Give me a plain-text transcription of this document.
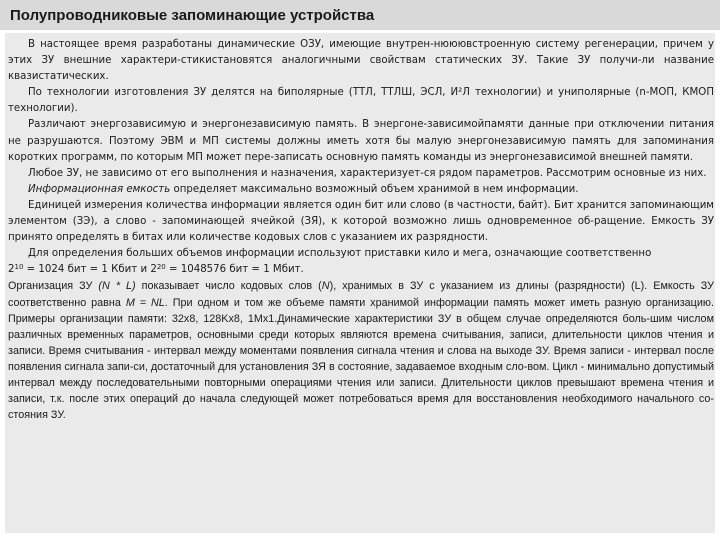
Полупроводниковые запоминающие устройства

В настоящее время разработаны динамические ОЗУ, имеющие внутрен-нююювстроенную систему регенерации, причем у этих ЗУ внешние характери-стикистановятся аналогичными свойствам статических ЗУ. Такие ЗУ получи-ли название квазистатических.

По технологии изготовления ЗУ делятся на биполярные (ТТЛ, ТТЛШ, ЭСЛ, И²Л технологии) и униполярные (n-МОП, КМОП технологии).

Различают энергозависимую и энергонезависимую память. В энергоне-зависимойпамяти данные при отключении питания не разрушаются. Поэтому ЭВМ и МП системы должны иметь хотя бы малую энергонезависимую память для запоминания коротких программ, по которым МП может пере-записать основную память команды из энергонезависимой внешней памяти.

Любое ЗУ, не зависимо от его выполнения и назначения, характеризует-ся рядом параметров. Рассмотрим основные из них.

Информационная емкость определяет максимально возможный объем хранимой в нем информации.

Единицей измерения количества информации является один бит или слово (в частности, байт). Бит хранится запоминающим элементом (ЗЭ), а слово - запоминающей ячейкой (ЗЯ), к которой возможно лишь одновременное об-ращение. Емкость ЗУ принято определять в битах или количестве кодовых слов с указанием их разрядности.

Для определения больших объемов информации используют приставки кило и мега, означающие соответственно

$2^{10} = 1024$ бит = 1 Кбит и $2^{20} = 1048576$ бит = 1 Мбит.

Организация ЗУ (N * L) показывает число кодовых слов (N), хранимых в ЗУ с указанием из длины (разрядности) (L). Емкость ЗУ соответственно равна M = NL. При одном и том же объеме памяти хранимой информации память может иметь разную организацию. Примеры организации памяти: 32x8, 128Kx8, 1Mx1.Динамические характеристики ЗУ в общем случае определяются боль-шим числом различных временных параметров, основными среди которых являются времена считывания, записи, длительности циклов чтения и записи. Время считывания - интервал между моментами появления сигнала чтения и слова на выходе ЗУ. Время записи - интервал после появления сигнала запи-си, достаточный для установления ЗЯ в состояние, задаваемое входным сло-вом. Цикл - минимально допустимый интервал между последовательными повторными операциями чтения или записи. Длительности циклов превышают времена чтения и записи, т.к. после этих операций до начала следующей может потребоваться время для восстановления необходимого начального со-стояния ЗУ.
